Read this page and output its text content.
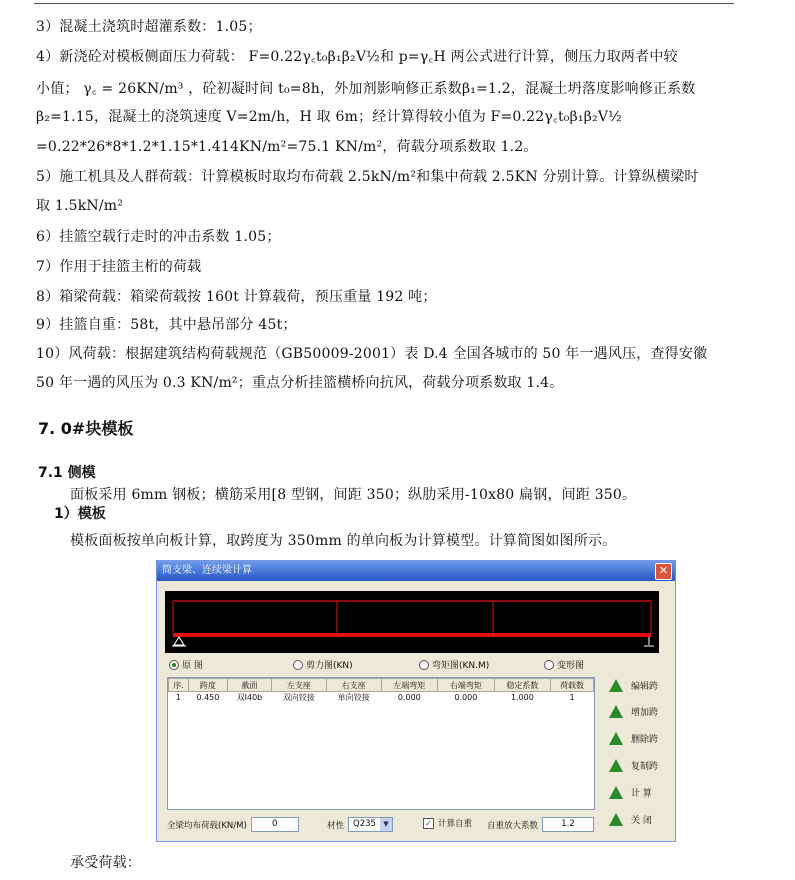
3）混凝土浇筑时超灌系数：1.05；
4）新浇砼对模板侧面压力荷载： F=0.22γ꜀t₀β₁β₂V½和 p=γ꜀H 两公式进行计算，侧压力取两者中较
小值； γ꜀ = 26KN/m³ ，砼初凝时间 t₀=8h，外加剂影响修正系数β₁=1.2，混凝土坍落度影响修正系数
β₂=1.15，混凝土的浇筑速度 V=2m/h，H 取 6m；经计算得较小值为 F=0.22γ꜀t₀β₁β₂V½
=0.22*26*8*1.2*1.15*1.414KN/m²=75.1 KN/m²，荷载分项系数取 1.2。
5）施工机具及人群荷载：计算模板时取均布荷载 2.5kN/m²和集中荷载 2.5KN 分别计算。计算纵横梁时
取 1.5kN/m²
6）挂篮空载行走时的冲击系数 1.05；
7）作用于挂篮主桁的荷载
8）箱梁荷载：箱梁荷载按 160t 计算载荷，预压重量 192 吨；
9）挂篮自重：58t，其中悬吊部分 45t；
10）风荷载：根据建筑结构荷载规范（GB50009-2001）表 D.4 全国各城市的 50 年一遇风压，查得安徽
50 年一遇的风压为 0.3 KN/m²；重点分析挂篮横桥向抗风，荷载分项系数取 1.4。
7. 0#块模板
7.1 侧模
面板采用 6mm 钢板；横筋采用[8 型钢，间距 350；纵肋采用-10x80 扁钢，间距 350。
1）模板
模板面板按单向板计算，取跨度为 350mm 的单向板为计算模型。计算简图如图所示。
简支梁、连续梁计算	✕
原 图	剪力图(KN)	弯矩图(KN.M)	变形图
序.	跨度	截面	左支座	右支座	左端弯矩	右端弯矩	稳定系数	荷载数
1	0.450	双I40b	双向铰接	单向铰接	0.000	0.000	1.000	1
编辑跨
增加跨
删除跨
复制跨
计 算
关 闭
全梁均布荷载(KN/M)	0	材性	Q235	▼	✓ 计算自重 自重放大系数	1.2
承受荷载：
